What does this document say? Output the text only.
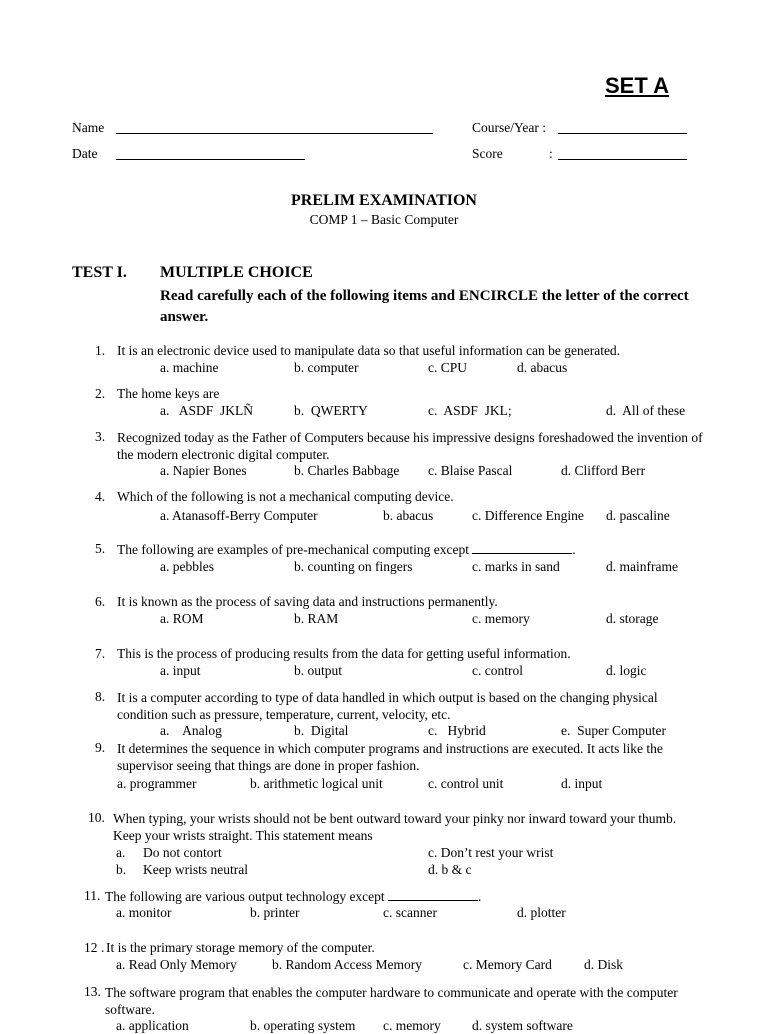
SET A
Name	Course/Year :
Date	Score	:
PRELIM EXAMINATION
COMP 1 – Basic Computer
TEST I. MULTIPLE CHOICE
Read carefully each of the following items and ENCIRCLE the letter of the correct answer.
1. It is an electronic device used to manipulate data so that useful information can be generated.
a. machine	b. computer	c. CPU	d. abacus
2. The home keys are
a.   ASDF  JKLÑ	b.  QWERTY	c.  ASDF  JKL;	d.  All of these
3. Recognized today as the Father of Computers because his impressive designs foreshadowed the invention of the modern electronic digital computer.
a. Napier Bones	b. Charles Babbage c. Blaise Pascal	d. Clifford Berr
4. Which of the following is not a mechanical computing device.
a. Atanasoff-Berry Computer	b. abacus	c. Difference Engine d. pascaline
5. The following are examples of pre-mechanical computing except	.
a. pebbles	b. counting on fingers	c. marks in sand	d. mainframe
6. It is known as the process of saving data and instructions permanently.
a. ROM	b. RAM	c. memory	d. storage
7. This is the process of producing results from the data for getting useful information.
a. input	b. output	c. control	d. logic
8. It is a computer according to type of data handled in which output is based on the changing physical condition such as pressure, temperature, current, velocity, etc.
a.    Analog	b.  Digital	c.   Hybrid	e.  Super Computer
9. It determines the sequence in which computer programs and instructions are executed. It acts like the supervisor seeing that things are done in proper fashion.
a. programmer	b. arithmetic logical unit	c. control unit	d. input
10. When typing, your wrists should not be bent outward toward your pinky nor inward toward your thumb. Keep your wrists straight. This statement means
a. Do not contort	c. Don’t rest your wrist
b. Keep wrists neutral	d. b & c
11. The following are various output technology except	.
a. monitor	b. printer	c. scanner	d. plotter
12 . It is the primary storage memory of the computer.
a. Read Only Memory	b. Random Access Memory	c. Memory Card d. Disk
13. The software program that enables the computer hardware to communicate and operate with the computer software.
a. application	b. operating system c. memory d. system software
